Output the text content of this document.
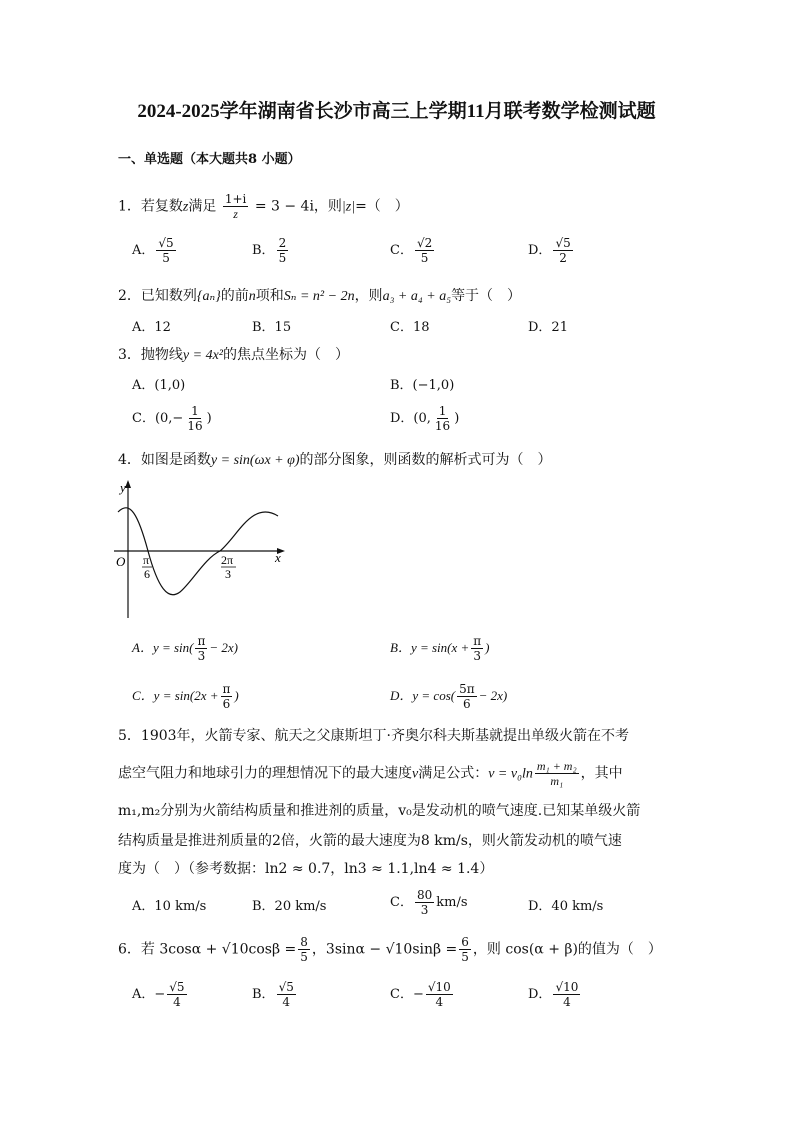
2024-2025学年湖南省长沙市高三上学期11月联考数学检测试题
一、单选题（本大题共8 小题）
1．若复数z满足 $\frac{1+i}{z} = 3 - 4i$，则|z|=（　）
A． $\frac{√5}{5}$	B． $\frac{2}{5}$	C． $\frac{√2}{5}$	D． $\frac{√5}{2}$
2．已知数列{aₙ}的前n项和Sₙ = n² − 2n，则a₃ + a₄ + a₅等于（　）
A．12	B．15	C．18	D．21
3．抛物线y = 4x²的焦点坐标为（　）
A．(1,0)	B．(−1,0)
C．($0,- \frac{1}{16}$ )	D．(0, $\frac{1}{16}$ )
4．如图是函数y = sin(ωx + φ)的部分图象，则函数的解析式可为（　）
y
x
O π
6
2π
3
A．$y = \sin( \frac{\pi}{3} - 2x)$	B．$y = \sin(x + \frac{\pi}{3}$ )
C．$y = \sin(2x + \frac{\pi}{6}$ )	D．$y = \cos( \frac{5\pi}{6} - 2x)$
5．1903年，火箭专家、航天之父康斯坦丁·齐奥尔科夫斯基就提出单级火箭在不考
虑空气阻力和地球引力的理想情况下的最大速度v满足公式：$v = v_0\ln \frac{\text{m₁ + m₂}}{\text{m₁}}$ ，其中
m₁,m₂分别为火箭结构质量和推进剂的质量，v₀是发动机的喷气速度.已知某单级火箭
结构质量是推进剂质量的2倍，火箭的最大速度为8 km/s，则火箭发动机的喷气速
度为（　）（参考数据：ln2 ≈ 0.7，ln3 ≈ 1.1,ln4 ≈ 1.4）
A．10 km/s	B．20 km/s	C． $\frac{80}{3} km/s$	D．40 km/s
6．若 $3\cos\alpha + √10\cos\beta = \frac{8}{5}$ ，$3\sin\alpha - √10\sin\beta = \frac{6}{5}$ ，则 cos(α + β)的值为（　）
A．− $\frac{√5}{4}$	B． $\frac{√5}{4}$	C．− $\frac{√10}{4}$	D． $\frac{√10}{4}$
